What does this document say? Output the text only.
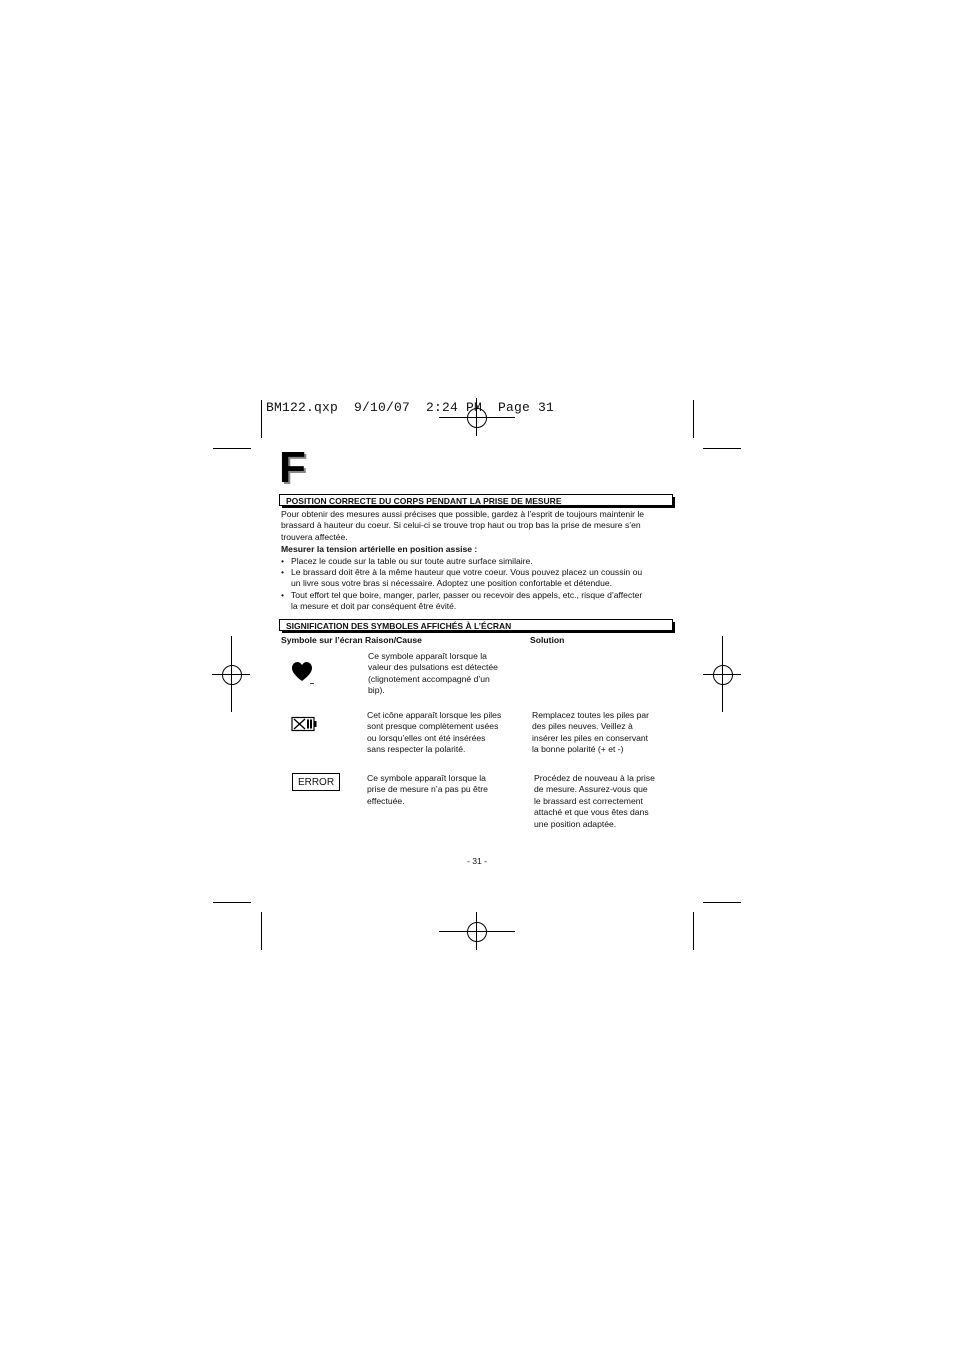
BM122.qxp  9/10/07  2:24 PM  Page 31
F
POSITION CORRECTE DU CORPS PENDANT LA PRISE DE MESURE
Pour obtenir des mesures aussi précises que possible, gardez à l’esprit de toujours maintenir le
brassard à hauteur du coeur. Si celui-ci se trouve trop haut ou trop bas la prise de mesure s’en
trouvera affectée.
Mesurer la tension artérielle en position assise :
• Placez le coude sur la table ou sur toute autre surface similaire.
• Le brassard doit être à la même hauteur que votre coeur. Vous pouvez placez un coussin ou
un livre sous votre bras si nécessaire. Adoptez une position confortable et détendue.
• Tout effort tel que boire, manger, parler, passer ou recevoir des appels, etc., risque d’affecter
la mesure et doit par conséquent être évité.
SIGNIFICATION DES SYMBOLES AFFICHÉS À L’ÉCRAN
Symbole sur l’écran Raison/Cause	Solution
Ce symbole apparaît lorsque la
valeur des pulsations est détectée
(clignotement accompagné d’un
bip).
Cet icône apparaît lorsque les piles
sont presque complètement usées
ou lorsqu’elles ont été insérées
sans respecter la polarité.
Remplacez toutes les piles par
des piles neuves. Veillez à
insérer les piles en conservant
la bonne polarité (+ et -)
ERROR	Ce symbole apparaît lorsque la
prise de mesure n’a pas pu être
effectuée.
Procédez de nouveau à la prise
de mesure. Assurez-vous que
le brassard est correctement
attaché et que vous êtes dans
une position adaptée.
- 31 -
